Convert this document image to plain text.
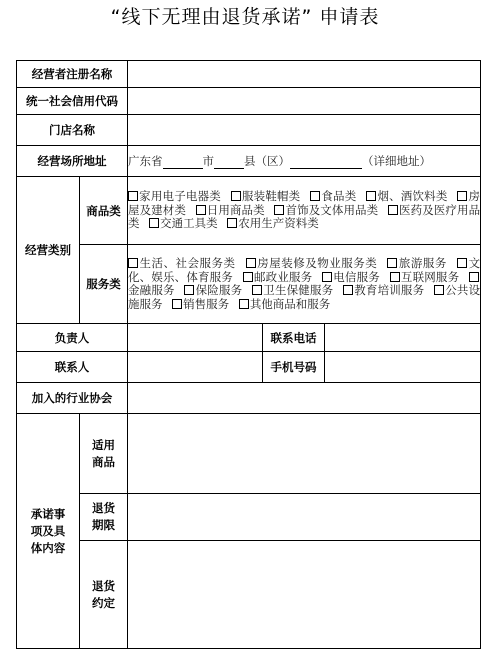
“线下无理由退货承诺” 申请表
经营者注册名称				
统一社会信用代码				
门店名称				
经营场所地址		广东省 市 县（区） （详细地址）		
经营类别	商品类	家用电子电器类 服装鞋帽类 食品类 烟、酒饮料类 房屋及建材类 日用商品类 首饰及文体用品类 医药及医疗用品类 交通工具类 农用生产资料类		
	服务类	生活、社会服务类 房屋装修及物业服务类 旅游服务 文化、娱乐、体育服务 邮政业服务 电信服务 互联网服务 金融服务 保险服务 卫生保健服务 教育培训服务 公共设施服务 销售服务 其他商品和服务		
负责人			联系电话	
联系人			手机号码	
加入的行业协会				

承诺事项及具体内容	适用商品			

	退货期限			

	退货约定			
